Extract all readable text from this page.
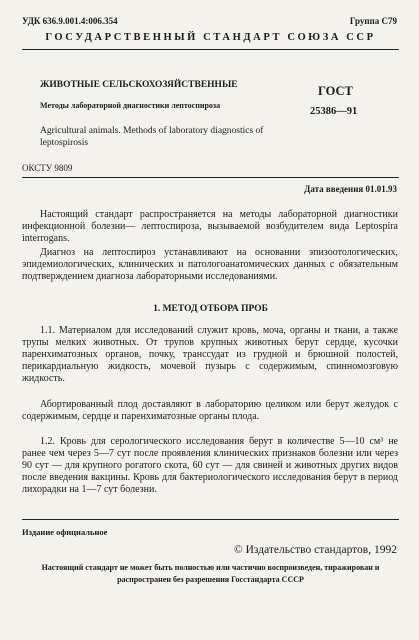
УДК 636.9.001.4:006.354	Группа С79
ГОСУДАРСТВЕННЫЙ СТАНДАРТ СОЮЗА ССР
ЖИВОТНЫЕ СЕЛЬСКОХОЗЯЙСТВЕННЫЕ
Методы лабораторной диагностики лептоспироза
Agricultural animals. Methods of laboratory diagnostics of leptospirosis
ГОСТ
25386—91
ОКСТУ 9809
Дата введения 01.01.93
Настоящий стандарт распространяется на методы лабораторной диагностики инфекционной болезни— лептоспироза, вызываемой возбудителем вида Leptospira interrogans.
Диагноз на лептоспироз устанавливают на основании эпизоотологических, эпидемиологических, клинических и патологоанатомических данных с обязательным подтверждением диагноза лабораторными исследованиями.
1. МЕТОД ОТБОРА ПРОБ
1.1. Материалом для исследований служит кровь, моча, органы и ткани, а также трупы мелких животных. От трупов крупных животных берут сердце, кусочки паренхиматозных органов, почку, транссудат из грудной и брюшной полостей, перикардиальную жидкость, мочевой пузырь с содержимым, спинномозговую жидкость.
Абортированный плод доставляют в лабораторию целиком или берут желудок с содержимым, сердце и паренхиматозные органы плода.
1.2. Кровь для серологического исследования берут в количестве 5—10 см³ не ранее чем через 5—7 сут после проявления клинических признаков болезни или через 90 сут — для крупного рогатого скота, 60 сут — для свиней и животных других видов после введения вакцины. Кровь для бактериологического исследования берут в период лихорадки на 1—7 сут болезни.
Издание официальное
© Издательство стандартов, 1992
Настоящий стандарт не может быть полностью или частично воспроизведен, тиражирован и распространен без разрешения Госстандарта СССР
